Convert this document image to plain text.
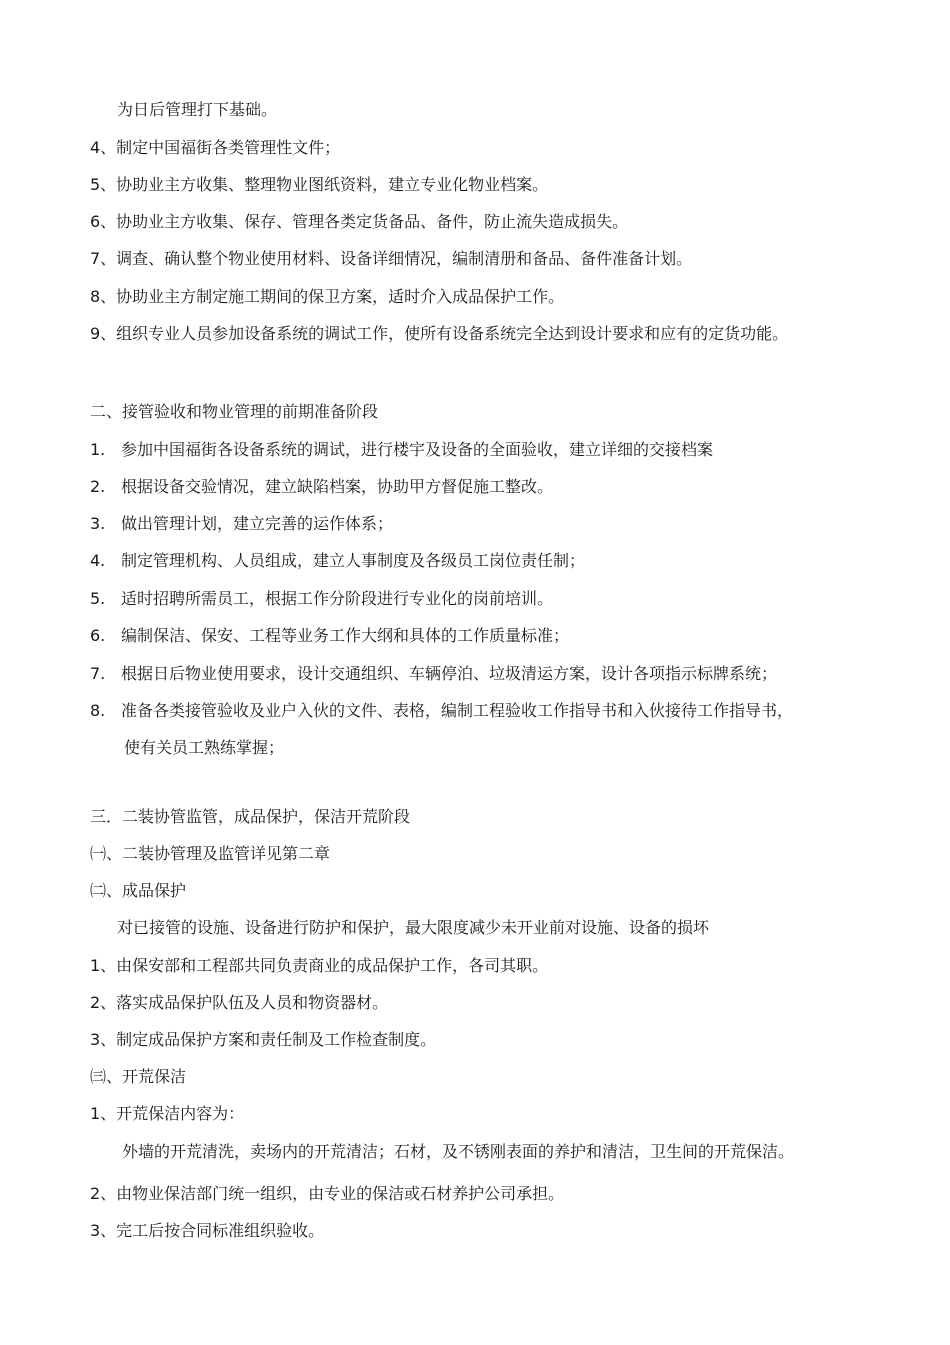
为日后管理打下基础。
4、制定中国福街各类管理性文件；
5、协助业主方收集、整理物业图纸资料，建立专业化物业档案。
6、协助业主方收集、保存、管理各类定货备品、备件，防止流失造成损失。
7、调查、确认整个物业使用材料、设备详细情况，编制清册和备品、备件准备计划。
8、协助业主方制定施工期间的保卫方案，适时介入成品保护工作。
9、组织专业人员参加设备系统的调试工作，使所有设备系统完全达到设计要求和应有的定货功能。
二、接管验收和物业管理的前期准备阶段
1. 参加中国福街各设备系统的调试，进行楼宇及设备的全面验收，建立详细的交接档案
2. 根据设备交验情况，建立缺陷档案，协助甲方督促施工整改。
3. 做出管理计划，建立完善的运作体系；
4. 制定管理机构、人员组成，建立人事制度及各级员工岗位责任制；
5. 适时招聘所需员工，根据工作分阶段进行专业化的岗前培训。
6. 编制保洁、保安、工程等业务工作大纲和具体的工作质量标准；
7. 根据日后物业使用要求，设计交通组织、车辆停泊、垃圾清运方案，设计各项指示标牌系统；
8. 准备各类接管验收及业户入伙的文件、表格，编制工程验收工作指导书和入伙接待工作指导书，
使有关员工熟练掌握；
三．二装协管监管，成品保护，保洁开荒阶段
㈠、二装协管理及监管详见第二章
㈡、成品保护
对已接管的设施、设备进行防护和保护，最大限度减少未开业前对设施、设备的损坏
1、由保安部和工程部共同负责商业的成品保护工作，各司其职。
2、落实成品保护队伍及人员和物资器材。
3、制定成品保护方案和责任制及工作检查制度。
㈢、开荒保洁
1、开荒保洁内容为：
外墙的开荒清洗，卖场内的开荒清洁；石材，及不锈刚表面的养护和清洁，卫生间的开荒保洁。
2、由物业保洁部门统一组织，由专业的保洁或石材养护公司承担。
3、完工后按合同标准组织验收。
